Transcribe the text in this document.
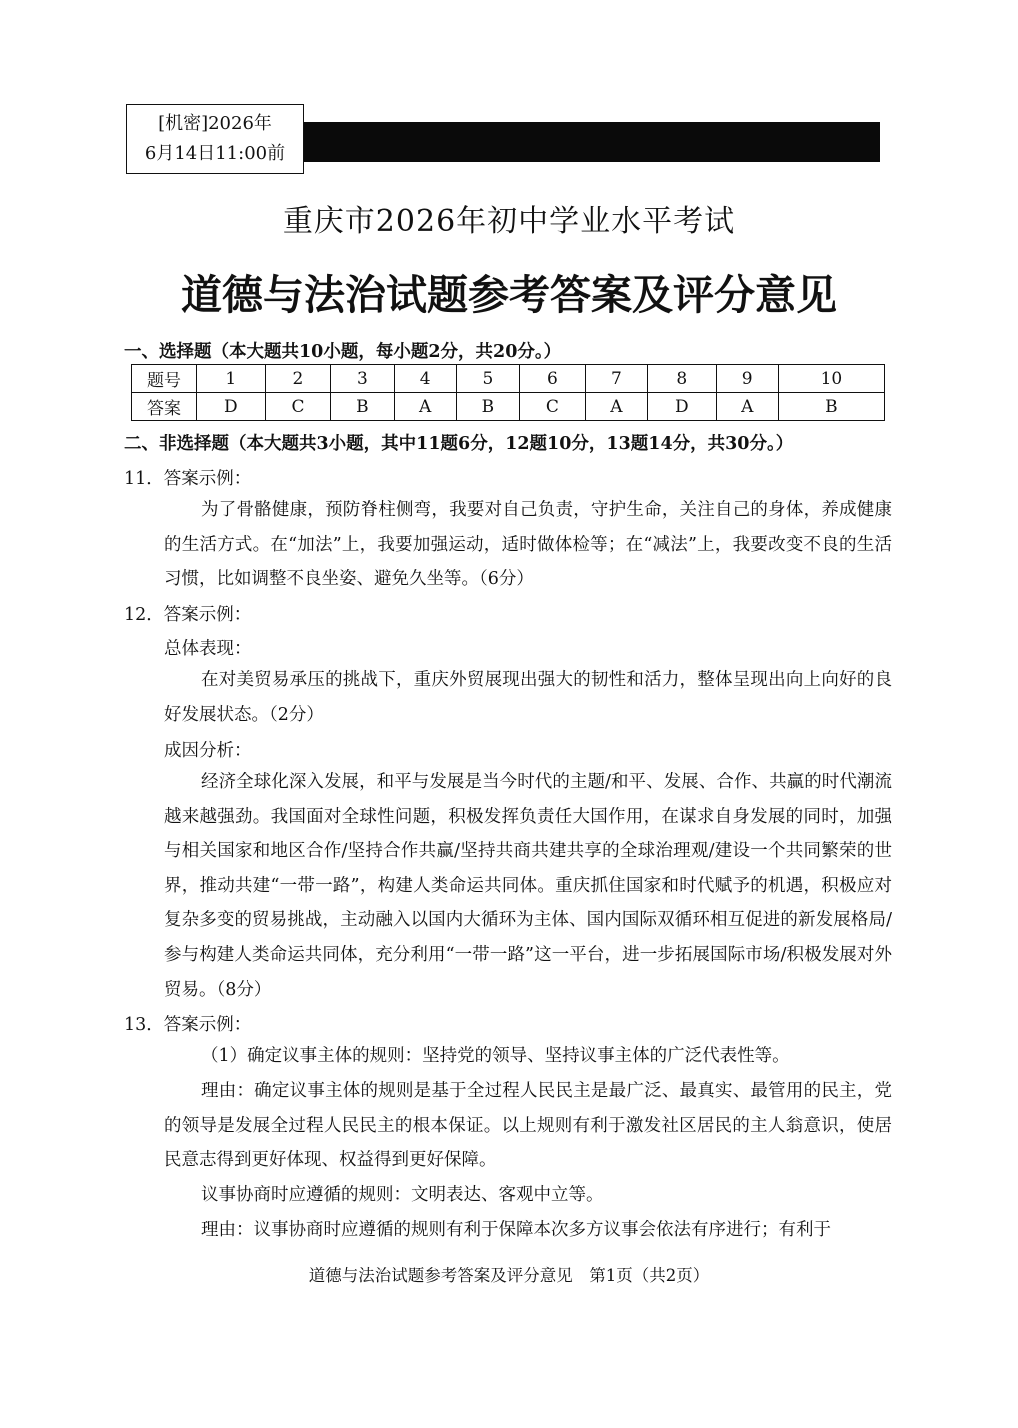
[机密]2026年
6月14日11:00前
重庆市2026年初中学业水平考试
道德与法治试题参考答案及评分意见
一、选择题（本大题共10小题，每小题2分，共20分。）
题号	1	2	3	4	5	6	7	8	9	10
答案	D	C	B	A	B	C	A	D	A	B
二、非选择题（本大题共3小题，其中11题6分，12题10分，13题14分，共30分。）
11．答案示例：
为了骨骼健康，预防脊柱侧弯，我要对自己负责，守护生命，关注自己的身体，养成健康的生活方式。在“加法”上，我要加强运动，适时做体检等；在“减法”上，我要改变不良的生活习惯，比如调整不良坐姿、避免久坐等。（6分）
12．答案示例：
总体表现：
在对美贸易承压的挑战下，重庆外贸展现出强大的韧性和活力，整体呈现出向上向好的良好发展状态。（2分）
成因分析：
经济全球化深入发展，和平与发展是当今时代的主题/和平、发展、合作、共赢的时代潮流越来越强劲。我国面对全球性问题，积极发挥负责任大国作用，在谋求自身发展的同时，加强与相关国家和地区合作/坚持合作共赢/坚持共商共建共享的全球治理观/建设一个共同繁荣的世界，推动共建“一带一路”，构建人类命运共同体。重庆抓住国家和时代赋予的机遇，积极应对复杂多变的贸易挑战，主动融入以国内大循环为主体、国内国际双循环相互促进的新发展格局/参与构建人类命运共同体，充分利用“一带一路”这一平台，进一步拓展国际市场/积极发展对外贸易。（8分）
13．答案示例：
（1）确定议事主体的规则：坚持党的领导、坚持议事主体的广泛代表性等。
理由：确定议事主体的规则是基于全过程人民民主是最广泛、最真实、最管用的民主，党的领导是发展全过程人民民主的根本保证。以上规则有利于激发社区居民的主人翁意识，使居民意志得到更好体现、权益得到更好保障。
议事协商时应遵循的规则：文明表达、客观中立等。
理由：议事协商时应遵循的规则有利于保障本次多方议事会依法有序进行；有利于
道德与法治试题参考答案及评分意见　第1页（共2页）
